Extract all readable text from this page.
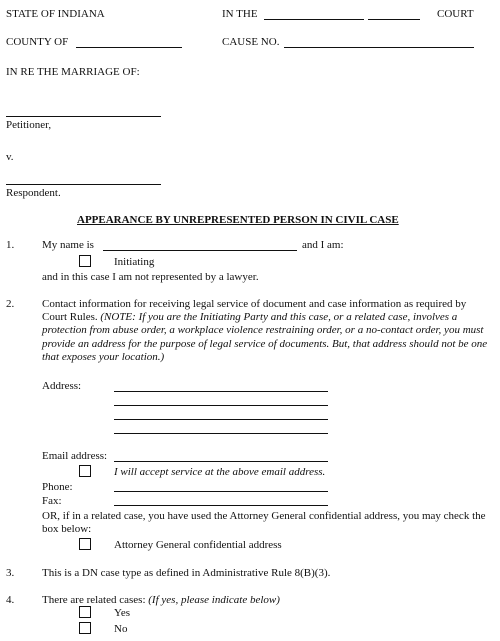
STATE OF INDIANA	IN THE	COURT
COUNTY OF	CAUSE NO.
IN RE THE MARRIAGE OF:
Petitioner,
v.
Respondent.
APPEARANCE BY UNREPRESENTED PERSON IN CIVIL CASE
1.	My name is	and I am:
Initiating
and in this case I am not represented by a lawyer.
2.	Contact information for receiving legal service of document and case information as required by Court Rules. (NOTE: If you are the Initiating Party and this case, or a related case, involves a protection from abuse order, a workplace violence restraining order, or a no-contact order, you must provide an address for the purpose of legal service of documents. But, that address should not be one that exposes your location.)
Address:
Email address:
I will accept service at the above email address.
Phone:
Fax:
OR, if in a related case, you have used the Attorney General confidential address, you may check the box below:
Attorney General confidential address
3.	This is a DN case type as defined in Administrative Rule 8(B)(3).
4.	There are related cases: (If yes, please indicate below)
Yes
No
